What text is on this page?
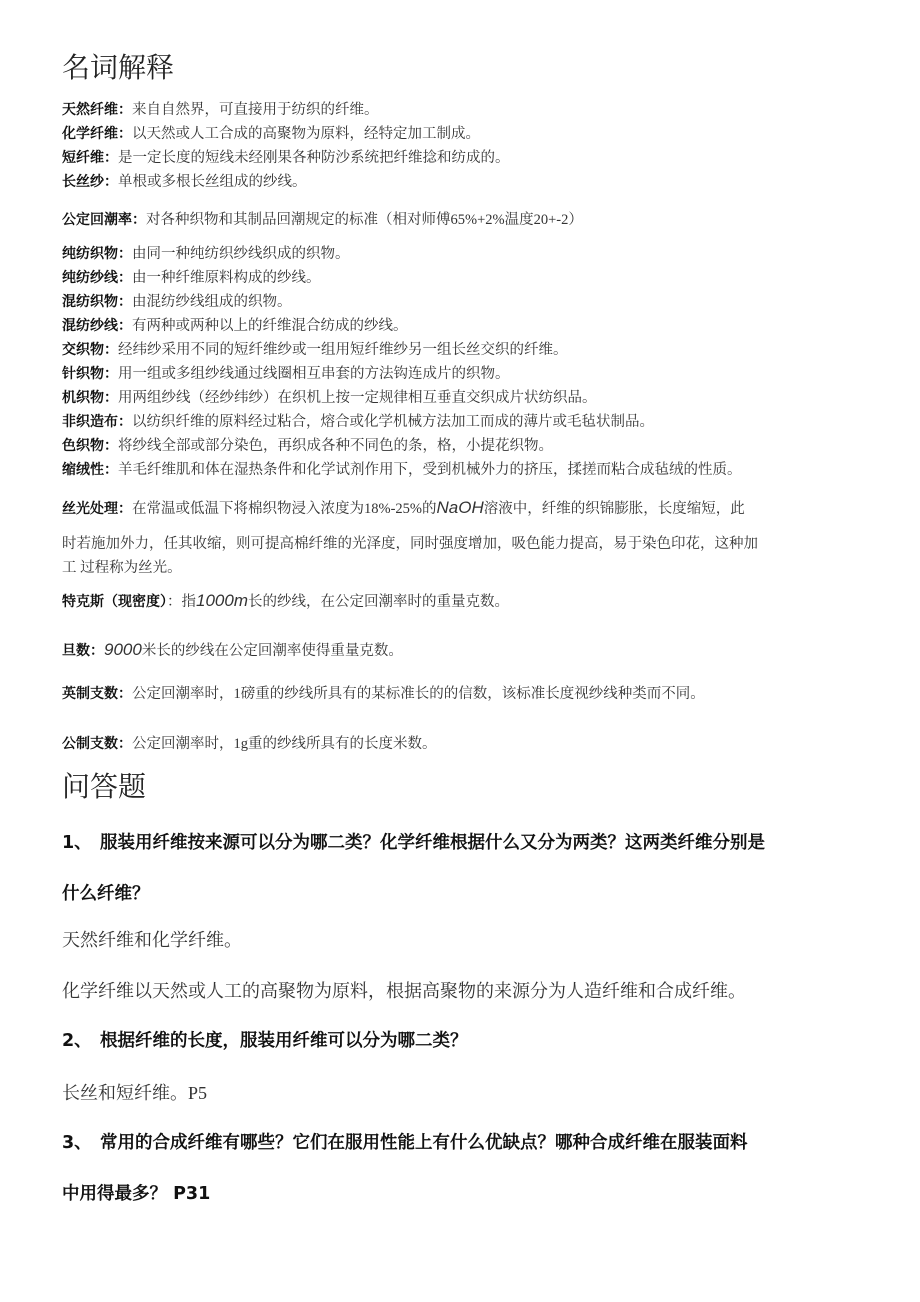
名词解释
天然纤维：来自自然界，可直接用于纺织的纤维。
化学纤维：以天然或人工合成的高聚物为原料，经特定加工制成。
短纤维：是一定长度的短线未经刚果各种防沙系统把纤维捻和纺成的。
长丝纱：单根或多根长丝组成的纱线。
公定回潮率：对各种织物和其制品回潮规定的标准（相对师傅65%+2%温度20+-2）
纯纺织物：由同一种纯纺织纱线织成的织物。
纯纺纱线：由一种纤维原料构成的纱线。
混纺织物：由混纺纱线组成的织物。
混纺纱线：有两种或两种以上的纤维混合纺成的纱线。
交织物：经纬纱采用不同的短纤维纱或一组用短纤维纱另一组长丝交织的纤维。
针织物：用一组或多组纱线通过线圈相互串套的方法钩连成片的织物。
机织物：用两组纱线（经纱纬纱）在织机上按一定规律相互垂直交织成片状纺织品。
非织造布：以纺织纤维的原料经过粘合，熔合或化学机械方法加工而成的薄片或毛毡状制品。
色织物：将纱线全部或部分染色，再织成各种不同色的条，格，小提花织物。
缩绒性：羊毛纤维肌和体在湿热条件和化学试剂作用下，受到机械外力的挤压，揉搓而粘合成毡绒的性质。
丝光处理：在常温或低温下将棉织物浸入浓度为18%-25%的NaOH溶液中，纤维的织锦膨胀，长度缩短，此
时若施加外力，任其收缩，则可提高棉纤维的光泽度，同时强度增加，吸色能力提高，易于染色印花，这种加
工 过程称为丝光。
特克斯（现密度）：指1000m长的纱线，在公定回潮率时的重量克数。
旦数：9000米长的纱线在公定回潮率使得重量克数。
英制支数：公定回潮率时，1磅重的纱线所具有的某标准长的的信数，该标准长度视纱线种类而不同。
公制支数：公定回潮率时，1g重的纱线所具有的长度米数。
问答题
1、 服装用纤维按来源可以分为哪二类？化学纤维根据什么又分为两类？这两类纤维分别是
什么纤维？
天然纤维和化学纤维。
化学纤维以天然或人工的高聚物为原料，根据高聚物的来源分为人造纤维和合成纤维。
2、 根据纤维的长度，服装用纤维可以分为哪二类？
长丝和短纤维。P5
3、 常用的合成纤维有哪些？它们在服用性能上有什么优缺点？哪种合成纤维在服装面料
中用得最多？ P31
